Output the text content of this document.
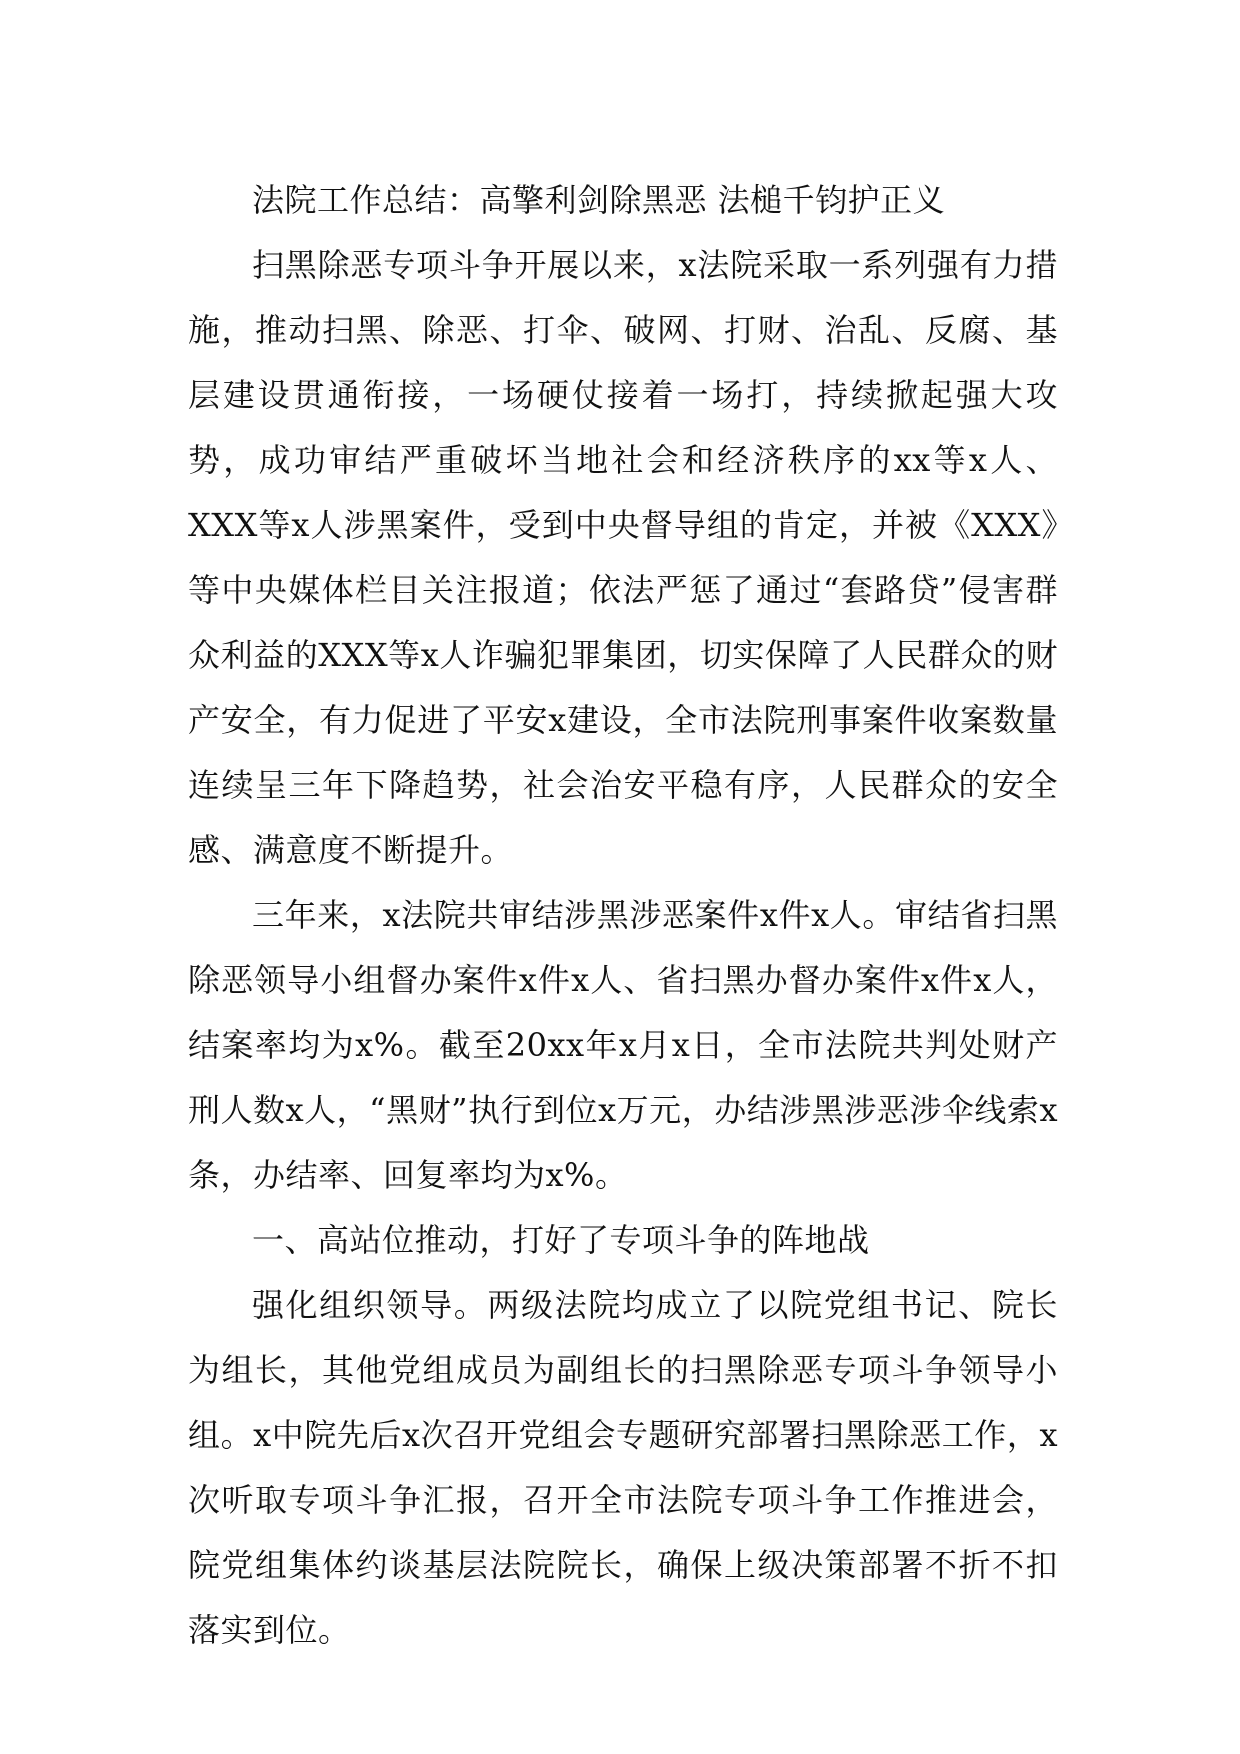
法院工作总结：高擎利剑除黑恶 法槌千钧护正义

扫黑除恶专项斗争开展以来，x法院采取一系列强有力措施，推动扫黑、除恶、打伞、破网、打财、治乱、反腐、基层建设贯通衔接，一场硬仗接着一场打，持续掀起强大攻势，成功审结严重破坏当地社会和经济秩序的xx等x人、XXX等x人涉黑案件，受到中央督导组的肯定，并被《XXX》等中央媒体栏目关注报道；依法严惩了通过“套路贷”侵害群众利益的XXX等x人诈骗犯罪集团，切实保障了人民群众的财产安全，有力促进了平安x建设，全市法院刑事案件收案数量连续呈三年下降趋势，社会治安平稳有序，人民群众的安全感、满意度不断提升。

三年来，x法院共审结涉黑涉恶案件x件x人。审结省扫黑除恶领导小组督办案件x件x人、省扫黑办督办案件x件x人，结案率均为x%。截至20xx年x月x日，全市法院共判处财产刑人数x人，“黑财”执行到位x万元，办结涉黑涉恶涉伞线索x条，办结率、回复率均为x%。

一、高站位推动，打好了专项斗争的阵地战

强化组织领导。两级法院均成立了以院党组书记、院长为组长，其他党组成员为副组长的扫黑除恶专项斗争领导小组。x中院先后x次召开党组会专题研究部署扫黑除恶工作，x次听取专项斗争汇报，召开全市法院专项斗争工作推进会，院党组集体约谈基层法院院长，确保上级决策部署不折不扣落实到位。
